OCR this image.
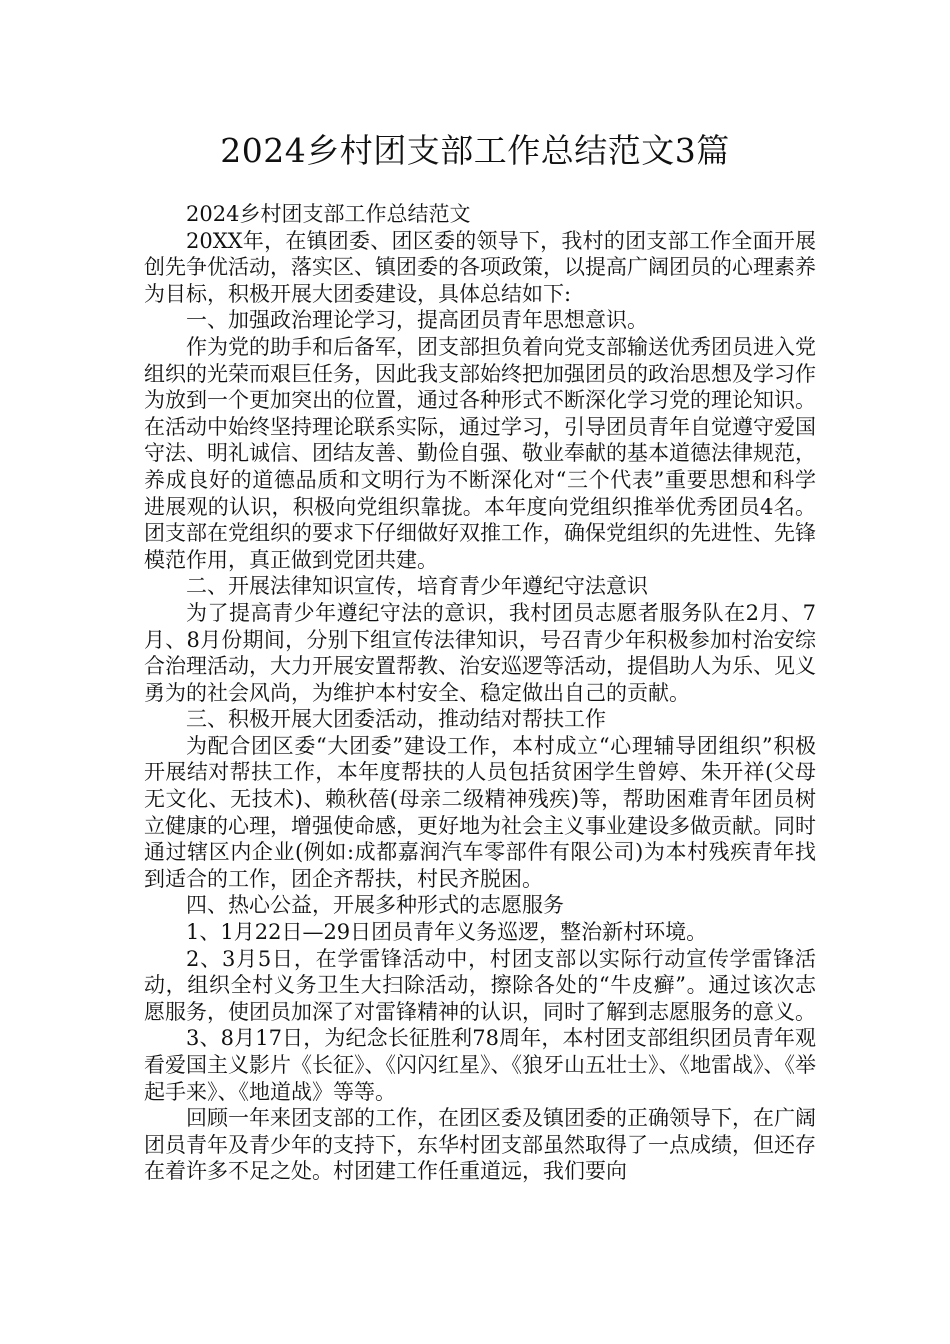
2024乡村团支部工作总结范文3篇

2024乡村团支部工作总结范文

20XX年，在镇团委、团区委的领导下，我村的团支部工作全面开展创先争优活动，落实区、镇团委的各项政策，以提高广阔团员的心理素养为目标，积极开展大团委建设，具体总结如下:

一、加强政治理论学习，提高团员青年思想意识。

作为党的助手和后备军，团支部担负着向党支部输送优秀团员进入党组织的光荣而艰巨任务，因此我支部始终把加强团员的政治思想及学习作为放到一个更加突出的位置，通过各种形式不断深化学习党的理论知识。在活动中始终坚持理论联系实际，通过学习，引导团员青年自觉遵守爱国守法、明礼诚信、团结友善、勤俭自强、敬业奉献的基本道德法律规范，养成良好的道德品质和文明行为不断深化对“三个代表”重要思想和科学进展观的认识，积极向党组织靠拢。本年度向党组织推举优秀团员4名。团支部在党组织的要求下仔细做好双推工作，确保党组织的先进性、先锋模范作用，真正做到党团共建。

二、开展法律知识宣传，培育青少年遵纪守法意识

为了提高青少年遵纪守法的意识，我村团员志愿者服务队在2月、7月、8月份期间，分别下组宣传法律知识，号召青少年积极参加村治安综合治理活动，大力开展安置帮教、治安巡逻等活动，提倡助人为乐、见义勇为的社会风尚，为维护本村安全、稳定做出自己的贡献。

三、积极开展大团委活动，推动结对帮扶工作

为配合团区委“大团委”建设工作，本村成立“心理辅导团组织”积极开展结对帮扶工作，本年度帮扶的人员包括贫困学生曾婷、朱开祥(父母无文化、无技术)、赖秋蓓(母亲二级精神残疾)等，帮助困难青年团员树立健康的心理，增强使命感，更好地为社会主义事业建设多做贡献。同时通过辖区内企业(例如:成都嘉润汽车零部件有限公司)为本村残疾青年找到适合的工作，团企齐帮扶，村民齐脱困。

四、热心公益，开展多种形式的志愿服务

1、1月22日—29日团员青年义务巡逻，整治新村环境。

2、3月5日，在学雷锋活动中，村团支部以实际行动宣传学雷锋活动，组织全村义务卫生大扫除活动，擦除各处的“牛皮癣”。通过该次志愿服务，使团员加深了对雷锋精神的认识，同时了解到志愿服务的意义。

3、8月17日，为纪念长征胜利78周年，本村团支部组织团员青年观看爱国主义影片《长征》、《闪闪红星》、《狼牙山五壮士》、《地雷战》、《举起手来》、《地道战》等等。

回顾一年来团支部的工作，在团区委及镇团委的正确领导下，在广阔团员青年及青少年的支持下，东华村团支部虽然取得了一点成绩，但还存在着许多不足之处。村团建工作任重道远，我们要向
